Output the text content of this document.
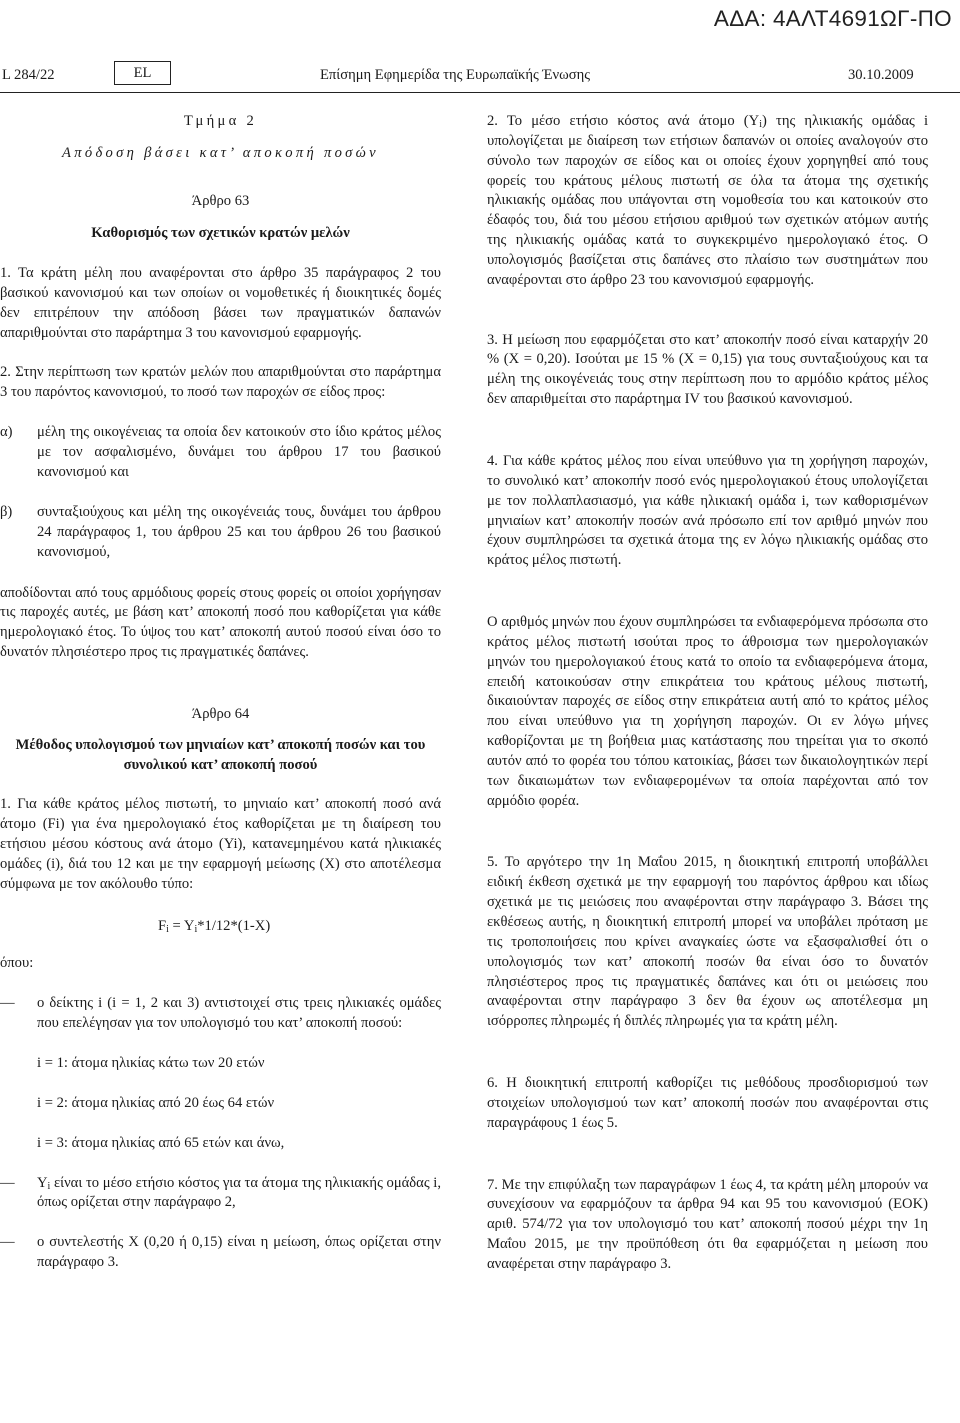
ΑΔΑ: 4ΑΛΤ4691ΩΓ-ΠΟ
L 284/22	EL	Επίσημη Εφημερίδα της Ευρωπαϊκής Ένωσης	30.10.2009

Τμήμα 2

Απόδοση βάσει κατ’ αποκοπή ποσών

Άρθρο 63

Καθορισμός των σχετικών κρατών μελών

1. Τα κράτη μέλη που αναφέρονται στο άρθρο 35 παράγραφος 2 του βασικού κανονισμού και των οποίων οι νομοθετικές ή διοικητικές δομές δεν επιτρέπουν την απόδοση βάσει των πραγματικών δαπανών απαριθμούνται στο παράρτημα 3 του κανονισμού εφαρμογής.

2. Στην περίπτωση των κρατών μελών που απαριθμούνται στο παράρτημα 3 του παρόντος κανονισμού, το ποσό των παροχών σε είδος προς:

α)	μέλη της οικογένειας τα οποία δεν κατοικούν στο ίδιο κράτος μέλος με τον ασφαλισμένο, δυνάμει του άρθρου 17 του βασικού κανονισμού και
β)	συνταξιούχους και μέλη της οικογένειάς τους, δυνάμει του άρθρου 24 παράγραφος 1, του άρθρου 25 και του άρθρου 26 του βασικού κανονισμού,

αποδίδονται από τους αρμόδιους φορείς στους φορείς οι οποίοι χορήγησαν τις παροχές αυτές, με βάση κατ’ αποκοπή ποσό που καθορίζεται για κάθε ημερολογιακό έτος. Το ύψος του κατ’ αποκοπή αυτού ποσού είναι όσο το δυνατόν πλησιέστερο προς τις πραγματικές δαπάνες.

Άρθρο 64

Μέθοδος υπολογισμού των μηνιαίων κατ’ αποκοπή ποσών και του συνολικού κατ’ αποκοπή ποσού

1. Για κάθε κράτος μέλος πιστωτή, το μηνιαίο κατ’ αποκοπή ποσό ανά άτομο (Fi) για ένα ημερολογιακό έτος καθορίζεται με τη διαίρεση του ετήσιου μέσου κόστους ανά άτομο (Yi), κατανεμημένου κατά ηλικιακές ομάδες (i), διά του 12 και με την εφαρμογή μείωσης (X) στο αποτέλεσμα σύμφωνα με τον ακόλουθο τύπο:

$F_i = Y_i*1/12*(1-X)$

όπου:

—	ο δείκτης i (i = 1, 2 και 3) αντιστοιχεί στις τρεις ηλικιακές ομάδες που επελέγησαν για τον υπολογισμό του κατ’ αποκοπή ποσού:

i = 1: άτομα ηλικίας κάτω των 20 ετών

i = 2: άτομα ηλικίας από 20 έως 64 ετών

i = 3: άτομα ηλικίας από 65 ετών και άνω,

—	$Y_i$ είναι το μέσο ετήσιο κόστος για τα άτομα της ηλικιακής ομάδας i, όπως ορίζεται στην παράγραφο 2,
—	ο συντελεστής X (0,20 ή 0,15) είναι η μείωση, όπως ορίζεται στην παράγραφο 3.

2. Το μέσο ετήσιο κόστος ανά άτομο $(Y_i)$ της ηλικιακής ομάδας i υπολογίζεται με διαίρεση των ετήσιων δαπανών οι οποίες αναλογούν στο σύνολο των παροχών σε είδος και οι οποίες έχουν χορηγηθεί από τους φορείς του κράτους μέλους πιστωτή σε όλα τα άτομα της σχετικής ηλικιακής ομάδας που υπάγονται στη νομοθεσία του και κατοικούν στο έδαφός του, διά του μέσου ετήσιου αριθμού των σχετικών ατόμων αυτής της ηλικιακής ομάδας κατά το συγκεκριμένο ημερολογιακό έτος. Ο υπολογισμός βασίζεται στις δαπάνες στο πλαίσιο των συστημάτων που αναφέρονται στο άρθρο 23 του κανονισμού εφαρμογής.

3. Η μείωση που εφαρμόζεται στο κατ’ αποκοπήν ποσό είναι καταρχήν 20 % (X = 0,20). Ισούται με 15 % (X = 0,15) για τους συνταξιούχους και τα μέλη της οικογένειάς τους στην περίπτωση που το αρμόδιο κράτος μέλος δεν απαριθμείται στο παράρτημα IV του βασικού κανονισμού.

4. Για κάθε κράτος μέλος που είναι υπεύθυνο για τη χορήγηση παροχών, το συνολικό κατ’ αποκοπήν ποσό ενός ημερολογιακού έτους υπολογίζεται με τον πολλαπλασιασμό, για κάθε ηλικιακή ομάδα i, των καθορισμένων μηνιαίων κατ’ αποκοπήν ποσών ανά πρόσωπο επί τον αριθμό μηνών που έχουν συμπληρώσει τα σχετικά άτομα της εν λόγω ηλικιακής ομάδας στο κράτος μέλος πιστωτή.

Ο αριθμός μηνών που έχουν συμπληρώσει τα ενδιαφερόμενα πρόσωπα στο κράτος μέλος πιστωτή ισούται προς το άθροισμα των ημερολογιακών μηνών του ημερολογιακού έτους κατά το οποίο τα ενδιαφερόμενα άτομα, επειδή κατοικούσαν στην επικράτεια του κράτους μέλους πιστωτή, δικαιούνταν παροχές σε είδος στην επικράτεια αυτή από το κράτος μέλος που είναι υπεύθυνο για τη χορήγηση παροχών. Οι εν λόγω μήνες καθορίζονται με τη βοήθεια μιας κατάστασης που τηρείται για το σκοπό αυτόν από το φορέα του τόπου κατοικίας, βάσει των δικαιολογητικών περί των δικαιωμάτων των ενδιαφερομένων τα οποία παρέχονται από τον αρμόδιο φορέα.

5. Το αργότερο την 1η Μαΐου 2015, η διοικητική επιτροπή υποβάλλει ειδική έκθεση σχετικά με την εφαρμογή του παρόντος άρθρου και ιδίως σχετικά με τις μειώσεις που αναφέρονται στην παράγραφο 3. Βάσει της εκθέσεως αυτής, η διοικητική επιτροπή μπορεί να υποβάλει πρόταση με τις τροποποιήσεις που κρίνει αναγκαίες ώστε να εξασφαλισθεί ότι ο υπολογισμός των κατ’ αποκοπή ποσών θα είναι όσο το δυνατόν πλησιέστερος προς τις πραγματικές δαπάνες και ότι οι μειώσεις που αναφέρονται στην παράγραφο 3 δεν θα έχουν ως αποτέλεσμα μη ισόρροπες πληρωμές ή διπλές πληρωμές για τα κράτη μέλη.

6. Η διοικητική επιτροπή καθορίζει τις μεθόδους προσδιορισμού των στοιχείων υπολογισμού των κατ’ αποκοπή ποσών που αναφέρονται στις παραγράφους 1 έως 5.

7. Με την επιφύλαξη των παραγράφων 1 έως 4, τα κράτη μέλη μπορούν να συνεχίσουν να εφαρμόζουν τα άρθρα 94 και 95 του κανονισμού (ΕΟΚ) αριθ. 574/72 για τον υπολογισμό του κατ’ αποκοπή ποσού μέχρι την 1η Μαΐου 2015, με την προϋπόθεση ότι θα εφαρμόζεται η μείωση που αναφέρεται στην παράγραφο 3.
